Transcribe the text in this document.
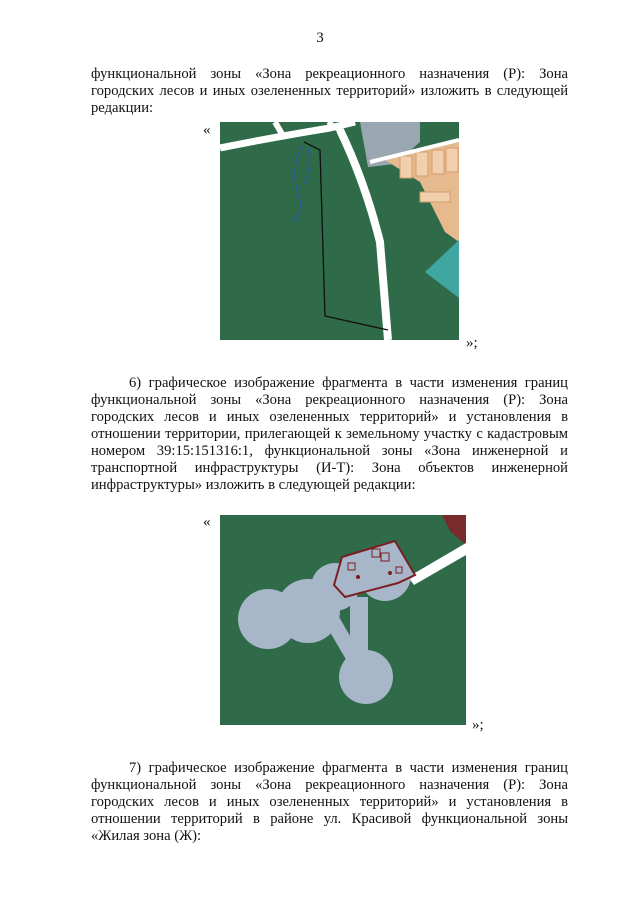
3

функциональной зоны «Зона рекреационного назначения (Р): Зона городских лесов и иных озелененных территорий» изложить в следующей редакции:

«
»;

6) графическое изображение фрагмента в части изменения границ функциональной зоны «Зона рекреационного назначения (Р): Зона городских лесов и иных озелененных территорий» и установления в отношении территории, прилегающей к земельному участку с кадастровым номером 39:15:151316:1, функциональной зоны «Зона инженерной и транспортной инфраструктуры (И-Т): Зона объектов инженерной инфраструктуры» изложить в следующей редакции:

«
»;

7) графическое изображение фрагмента в части изменения границ функциональной зоны «Зона рекреационного назначения (Р): Зона городских лесов и иных озелененных территорий» и установления в отношении территорий в районе ул. Красивой функциональной зоны «Жилая зона (Ж):
